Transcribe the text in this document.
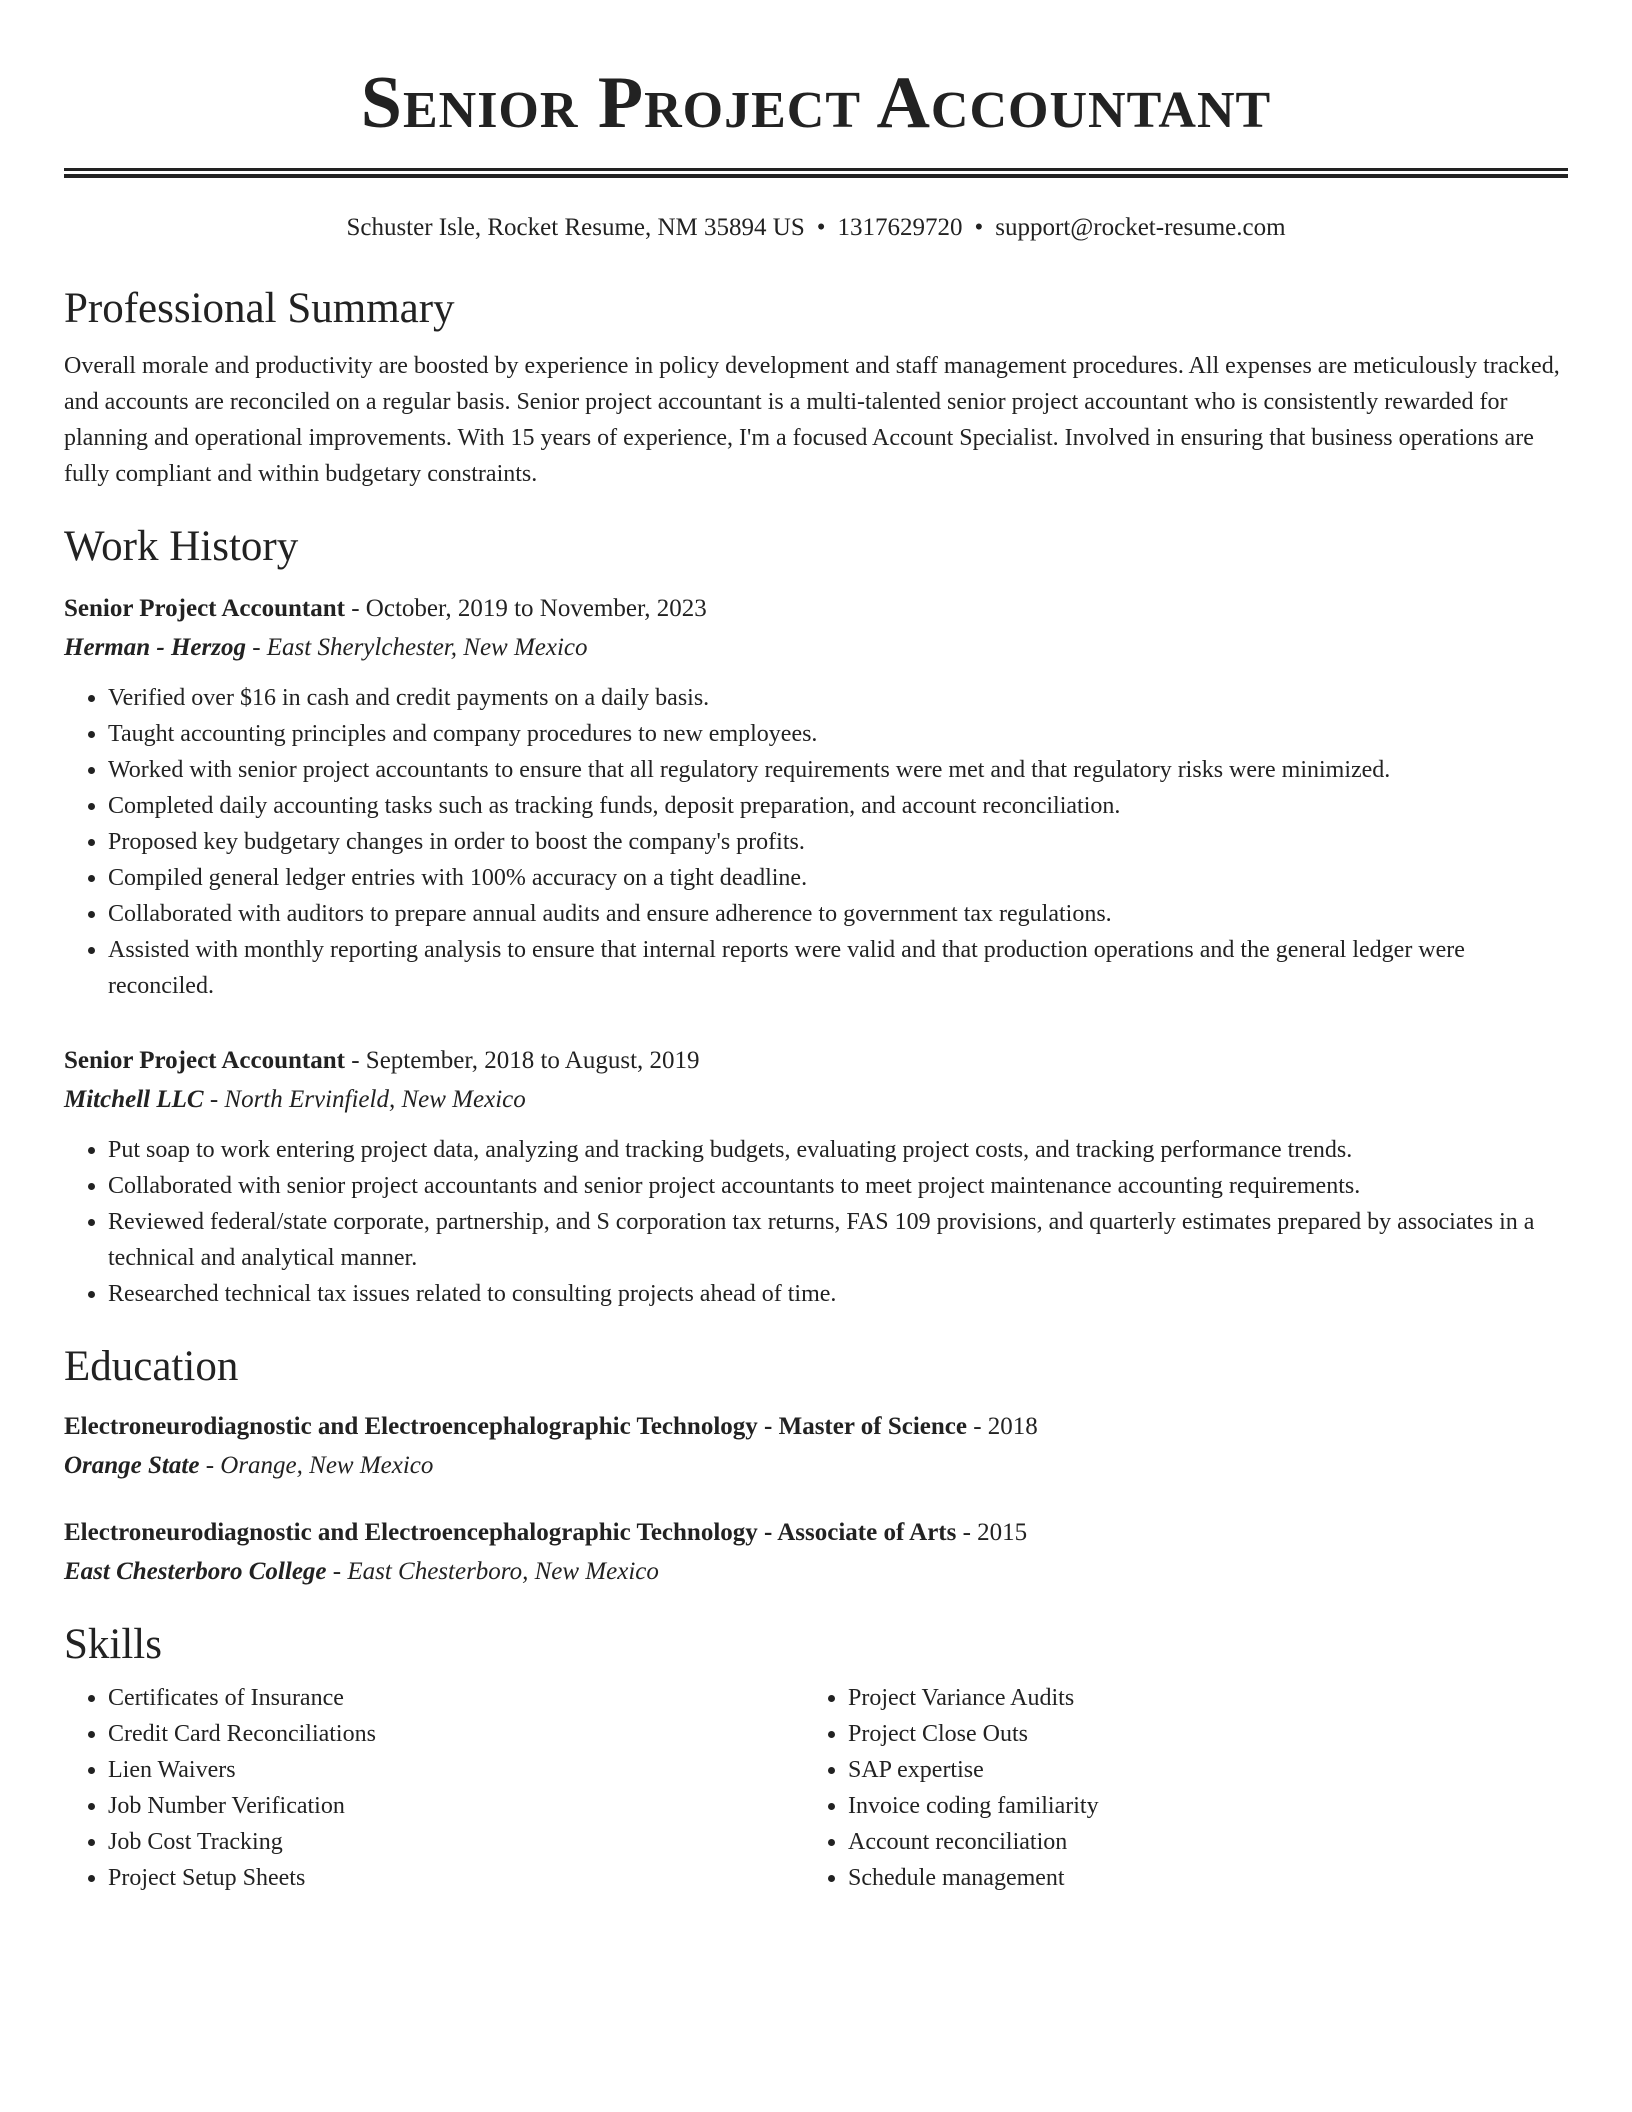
Senior Project Accountant
Schuster Isle, Rocket Resume, NM 35894 US • 1317629720 • support@rocket-resume.com
Professional Summary

Overall morale and productivity are boosted by experience in policy development and staff management procedures. All expenses are meticulously tracked, and accounts are reconciled on a regular basis. Senior project accountant is a multi-talented senior project accountant who is consistently rewarded for planning and operational improvements. With 15 years of experience, I'm a focused Account Specialist. Involved in ensuring that business operations are fully compliant and within budgetary constraints.

Work History
Senior Project Accountant - October, 2019 to November, 2023
Herman - Herzog - East Sherylchester, New Mexico
• Verified over $16 in cash and credit payments on a daily basis.
• Taught accounting principles and company procedures to new employees.
• Worked with senior project accountants to ensure that all regulatory requirements were met and that regulatory risks were minimized.
• Completed daily accounting tasks such as tracking funds, deposit preparation, and account reconciliation.
• Proposed key budgetary changes in order to boost the company's profits.
• Compiled general ledger entries with 100% accuracy on a tight deadline.
• Collaborated with auditors to prepare annual audits and ensure adherence to government tax regulations.
• Assisted with monthly reporting analysis to ensure that internal reports were valid and that production operations and the general ledger were reconciled.
Senior Project Accountant - September, 2018 to August, 2019
Mitchell LLC - North Ervinfield, New Mexico
• Put soap to work entering project data, analyzing and tracking budgets, evaluating project costs, and tracking performance trends.
• Collaborated with senior project accountants and senior project accountants to meet project maintenance accounting requirements.
• Reviewed federal/state corporate, partnership, and S corporation tax returns, FAS 109 provisions, and quarterly estimates prepared by associates in a technical and analytical manner.
• Researched technical tax issues related to consulting projects ahead of time.
Education
Electroneurodiagnostic and Electroencephalographic Technology - Master of Science - 2018
Orange State - Orange, New Mexico
Electroneurodiagnostic and Electroencephalographic Technology - Associate of Arts - 2015
East Chesterboro College - East Chesterboro, New Mexico
Skills
• Certificates of Insurance
• Credit Card Reconciliations
• Lien Waivers
• Job Number Verification
• Job Cost Tracking
• Project Setup Sheets
• Project Variance Audits
• Project Close Outs
• SAP expertise
• Invoice coding familiarity
• Account reconciliation
• Schedule management
